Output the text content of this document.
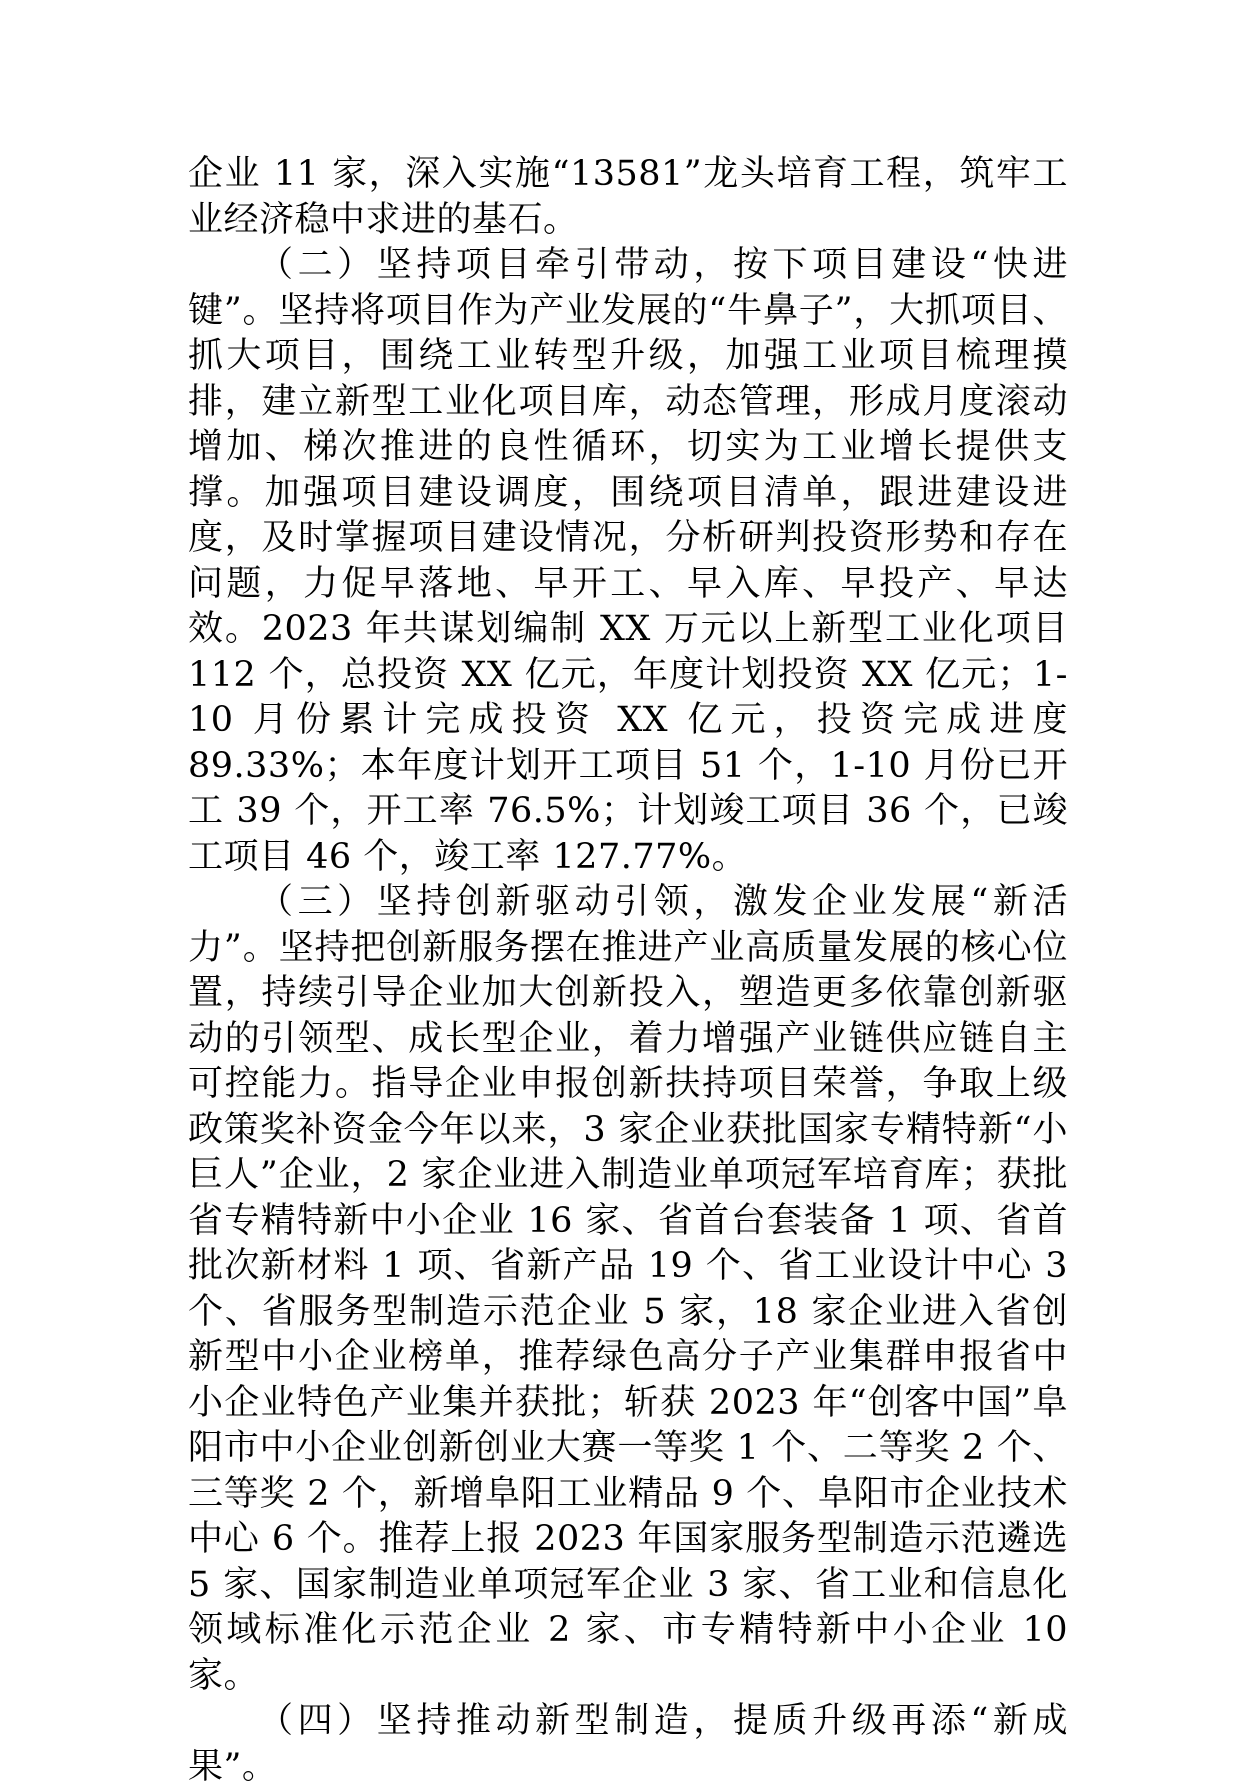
企业 11 家，深入实施“13581”龙头培育工程，筑牢工业经济稳中求进的基石。

（二）坚持项目牵引带动，按下项目建设“快进键”。坚持将项目作为产业发展的“牛鼻子”，大抓项目、抓大项目，围绕工业转型升级，加强工业项目梳理摸排，建立新型工业化项目库，动态管理，形成月度滚动增加、梯次推进的良性循环，切实为工业增长提供支撑。加强项目建设调度，围绕项目清单，跟进建设进度，及时掌握项目建设情况，分析研判投资形势和存在问题，力促早落地、早开工、早入库、早投产、早达效。2023 年共谋划编制 XX 万元以上新型工业化项目 112 个，总投资 XX 亿元，年度计划投资 XX 亿元；1-10 月份累计完成投资 XX 亿元，投资完成进度 89.33%；本年度计划开工项目 51 个，1-10 月份已开工 39 个，开工率 76.5%；计划竣工项目 36 个，已竣工项目 46 个，竣工率 127.77%。

（三）坚持创新驱动引领，激发企业发展“新活力”。坚持把创新服务摆在推进产业高质量发展的核心位置，持续引导企业加大创新投入，塑造更多依靠创新驱动的引领型、成长型企业，着力增强产业链供应链自主可控能力。指导企业申报创新扶持项目荣誉，争取上级政策奖补资金今年以来，3 家企业获批国家专精特新“小巨人”企业，2 家企业进入制造业单项冠军培育库；获批省专精特新中小企业 16 家、省首台套装备 1 项、省首批次新材料 1 项、省新产品 19 个、省工业设计中心 3 个、省服务型制造示范企业 5 家，18 家企业进入省创新型中小企业榜单，推荐绿色高分子产业集群申报省中小企业特色产业集并获批；斩获 2023 年“创客中国”阜阳市中小企业创新创业大赛一等奖 1 个、二等奖 2 个、三等奖 2 个，新增阜阳工业精品 9 个、阜阳市企业技术中心 6 个。推荐上报 2023 年国家服务型制造示范遴选 5 家、国家制造业单项冠军企业 3 家、省工业和信息化领域标准化示范企业 2 家、市专精特新中小企业 10 家。

（四）坚持推动新型制造，提质升级再添“新成果”。
